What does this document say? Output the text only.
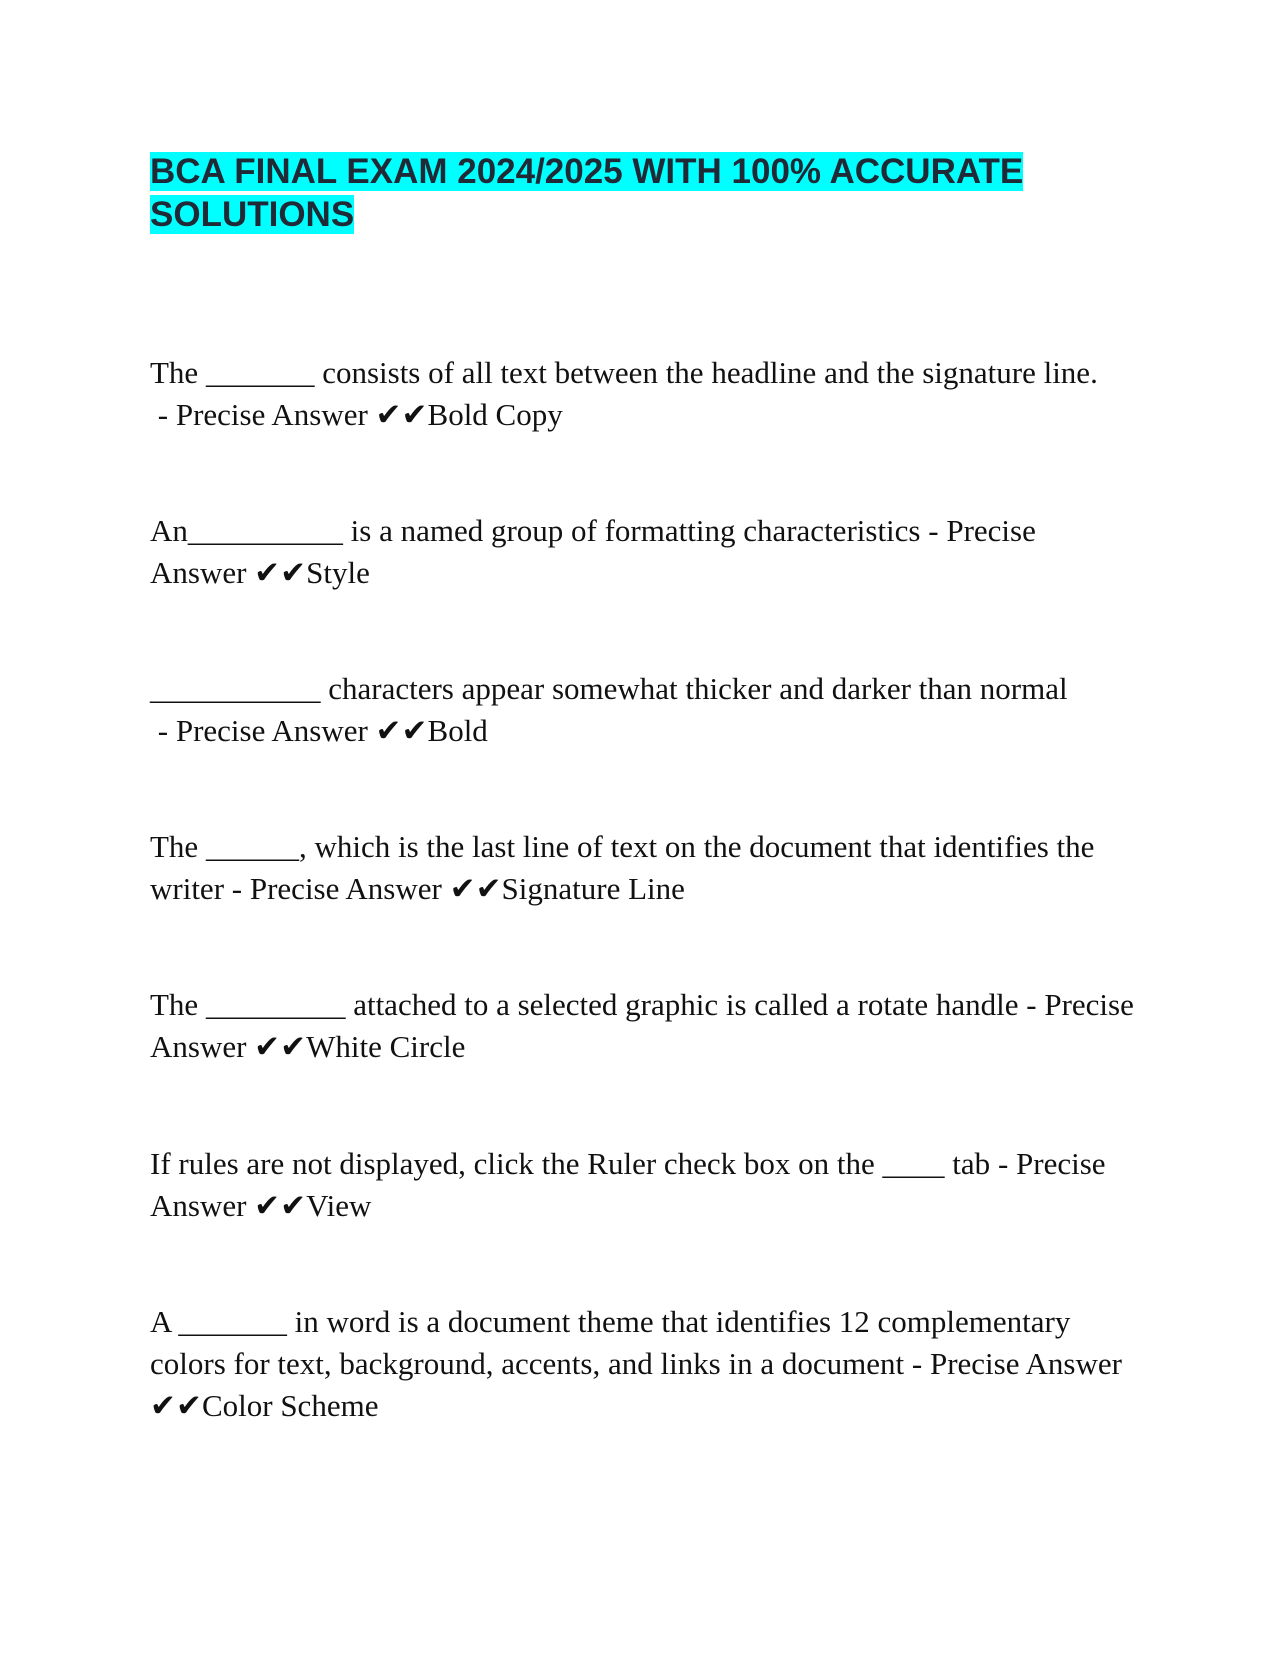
BCA FINAL EXAM 2024/2025 WITH 100% ACCURATE SOLUTIONS

The _______ consists of all text between the headline and the signature line. - Precise Answer ✔✔Bold Copy

An__________ is a named group of formatting characteristics - Precise Answer ✔✔Style

___________ characters appear somewhat thicker and darker than normal - Precise Answer ✔✔Bold

The ______, which is the last line of text on the document that identifies the writer - Precise Answer ✔✔Signature Line

The _________ attached to a selected graphic is called a rotate handle - Precise Answer ✔✔White Circle

If rules are not displayed, click the Ruler check box on the ____ tab - Precise Answer ✔✔View

A _______ in word is a document theme that identifies 12 complementary colors for text, background, accents, and links in a document - Precise Answer ✔✔Color Scheme
